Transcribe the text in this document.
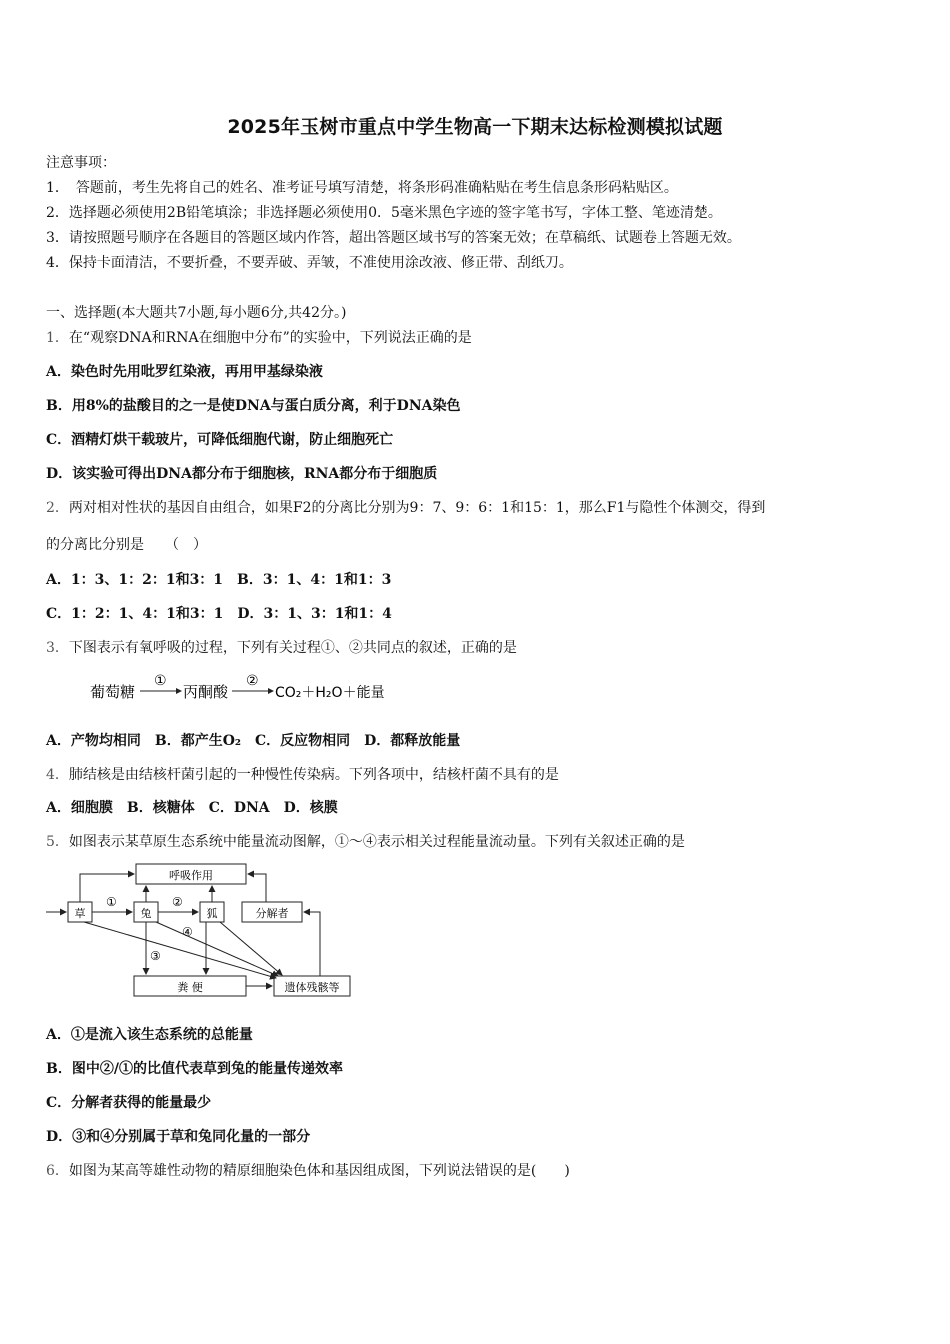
2025年玉树市重点中学生物高一下期末达标检测模拟试题
注意事项：
1．　答题前，考生先将自己的姓名、准考证号填写清楚，将条形码准确粘贴在考生信息条形码粘贴区。
2．选择题必须使用2B铅笔填涂；非选择题必须使用0．5毫米黑色字迹的签字笔书写，字体工整、笔迹清楚。
3．请按照题号顺序在各题目的答题区域内作答，超出答题区域书写的答案无效；在草稿纸、试题卷上答题无效。
4．保持卡面清洁，不要折叠，不要弄破、弄皱，不准使用涂改液、修正带、刮纸刀。
一、选择题(本大题共7小题,每小题6分,共42分。)
1．在“观察DNA和RNA在细胞中分布”的实验中，下列说法正确的是
A．染色时先用吡罗红染液，再用甲基绿染液
B．用8%的盐酸目的之一是使DNA与蛋白质分离，利于DNA染色
C．酒精灯烘干载玻片，可降低细胞代谢，防止细胞死亡
D．该实验可得出DNA都分布于细胞核，RNA都分布于细胞质
2．两对相对性状的基因自由组合，如果F2的分离比分别为9：7、9：6：1和15：1，那么F1与隐性个体测交，得到
的分离比分别是　　（　）
A．1：3、1：2：1和3：1　B．3：1、4：1和1：3
C．1：2：1、4：1和3：1　D．3：1、3：1和1：4
3．下图表示有氧呼吸的过程，下列有关过程①、②共同点的叙述，正确的是
葡萄糖
①
丙酮酸
②
CO₂＋H₂O＋能量
A．产物均相同　B．都产生O₂　C．反应物相同　D．都释放能量
4．肺结核是由结核杆菌引起的一种慢性传染病。下列各项中，结核杆菌不具有的是
A．细胞膜　B．核糖体　C．DNA　D．核膜
5．如图表示某草原生态系统中能量流动图解，①～④表示相关过程能量流动量。下列有关叙述正确的是
呼吸作用
草	兔	狐	分解者
粪 便	遗体残骸等
①	②
③
④
A．①是流入该生态系统的总能量
B．图中②/①的比值代表草到兔的能量传递效率
C．分解者获得的能量最少
D．③和④分别属于草和兔同化量的一部分
6．如图为某高等雄性动物的精原细胞染色体和基因组成图，下列说法错误的是(　　)
